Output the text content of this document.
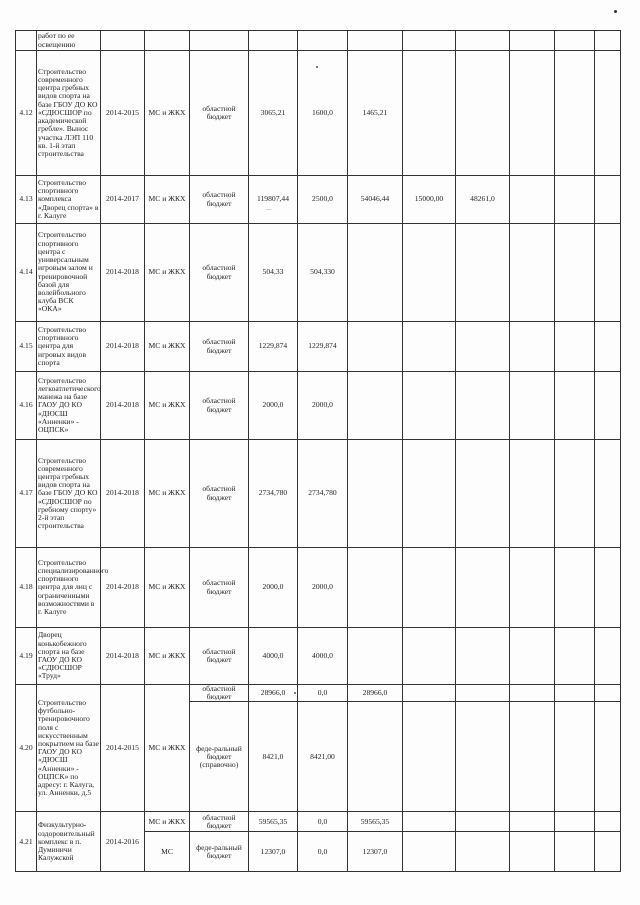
	работ по ее освещению											
4.12	Строительство современного центра гребных видов спорта на базе ГБОУ ДО КО «СДЮСШОР по академической гребле». Вынос участка ЛЭП 110 кв. 1-й этап строительства	2014-2015	МС и ЖКХ	областной бюджет	3065,21	1600,0	1465,21					
4.13	Строительство спортивного комплекса «Дворец спорта» в г. Калуге	2014-2017	МС и ЖКХ	областной бюджет	119807,44	2500,0	54046,44	15000,00	48261,0			
4.14	Строительство спортивного центра с универсальным игровым залом и тренировочной базой для волейбольного клуба ВСК «ОКА»	2014-2018	МС и ЖКХ	областной бюджет	504,33	504,330						
4.15	Строительство спортивного центра для игровых видов спорта	2014-2018	МС и ЖКХ	областной бюджет	1229,874	1229,874						
4.16	Строительство легкоатлетического манежа на базе ГАОУ ДО КО «ДЮСШ «Анненки» - ОЦПСК»	2014-2018	МС и ЖКХ	областной бюджет	2000,0	2000,0						
4.17	Строительство современного центра гребных видов спорта на базе ГБОУ ДО КО «СДЮСШОР по гребному спорту» 2-й этап строительства	2014-2018	МС и ЖКХ	областной бюджет	2734,780	2734,780						
4.18	Строительство специализированного спортивного центра для лиц с ограниченными возможностями в г. Калуге	2014-2018	МС и ЖКХ	областной бюджет	2000,0	2000,0						
4.19	Дворец конькобежного спорта на базе ГАОУ ДО КО «СДЮСШОР «Труд»	2014-2018	МС и ЖКХ	областной бюджет	4000,0	4000,0						
4.20	Строительство футбольно-тренировочного поля с искусственным покрытием на базе ГАОУ ДО КО «ДЮСШ «Анненки» - ОЦПСК» по адресу: г. Калуга, ул. Анненки, д.5	2014-2015	МС и ЖКХ	областной бюджет	28966,0	0,0	28966,0					
				феде-ральный бюджет (справочно)	8421,0	8421,00						
4.21	Физкультурно-оздоровительный комплекс в п. Думиничи Калужской	2014-2016	МС и ЖКХ	областной бюджет	59565,35	0,0	59565,35					
			МС	феде-ральный бюджет	12307,0	0,0	12307,0					
~~
